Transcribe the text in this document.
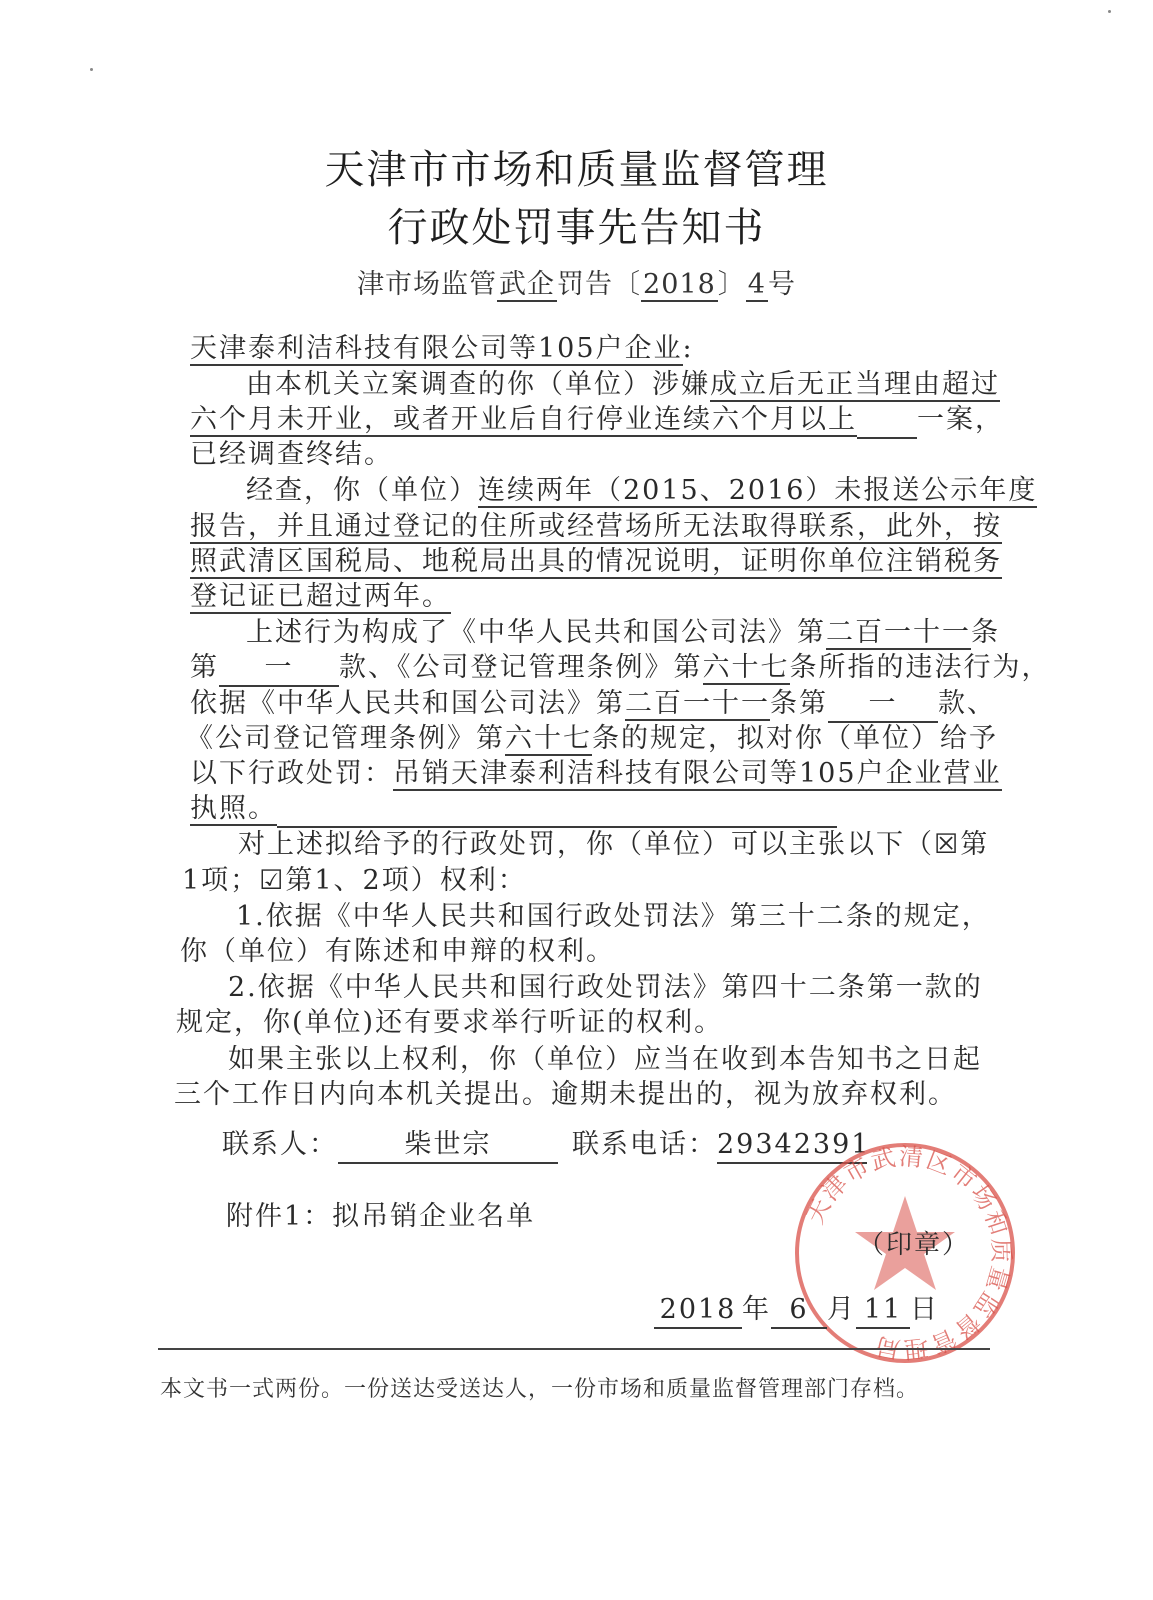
天津市市场和质量监督管理
行政处罚事先告知书
津市场监管武企罚告〔2018〕4号
天津泰利洁科技有限公司等105户企业:
由本机关立案调查的你（单位）涉嫌成立后无正当理由超过
六个月未开业，或者开业后自行停业连续六个月以上 一案，
已经调查终结。
经查，你（单位）连续两年（2015、2016）未报送公示年度
报告，并且通过登记的住所或经营场所无法取得联系，此外，按
照武清区国税局、地税局出具的情况说明，证明你单位注销税务
登记证已超过两年。
上述行为构成了《中华人民共和国公司法》第二百一十一条
第 一 款、《公司登记管理条例》第六十七条所指的违法行为，
依据《中华人民共和国公司法》第二百一十一条第 一 款、
《公司登记管理条例》第六十七条的规定，拟对你（单位）给予
以下行政处罚：吊销天津泰利洁科技有限公司等105户企业营业
执照。
对上述拟给予的行政处罚，你（单位）可以主张以下（☒第
1项；☑第1、2项）权利：
1.依据《中华人民共和国行政处罚法》第三十二条的规定，
你（单位）有陈述和申辩的权利。
2.依据《中华人民共和国行政处罚法》第四十二条第一款的
规定，你(单位)还有要求举行听证的权利。
如果主张以上权利，你（单位）应当在收到本告知书之日起
三个工作日内向本机关提出。逾期未提出的，视为放弃权利。
联系人： 柴世宗	联系电话：29342391
附件1：拟吊销企业名单	天津市武清区市场和质量监督管理局
（印章）
2018 年 6 月 11 日
本文书一式两份。一份送达受送达人，一份市场和质量监督管理部门存档。
